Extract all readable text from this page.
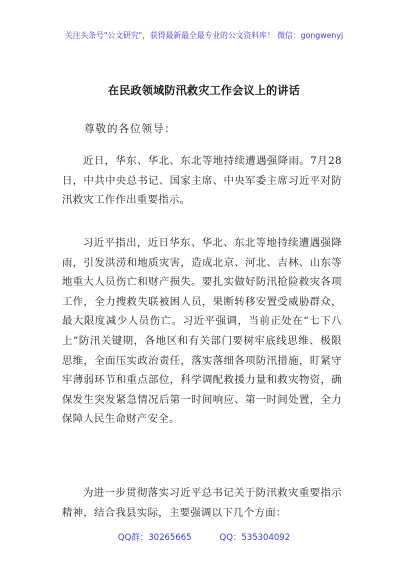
关注头条号"公文研究"，获得最新最全最专业的公文资料库！ 微信：gongwenyj
在民政领域防汛救灾工作会议上的讲话
尊敬的各位领导：

近日，华东、华北、东北等地持续遭遇强降雨。7月28日，中共中央总书记、国家主席、中央军委主席习近平对防汛救灾工作作出重要指示。

习近平指出，近日华东、华北、东北等地持续遭遇强降雨，引发洪涝和地质灾害，造成北京、河北、吉林、山东等地重大人员伤亡和财产损失。要扎实做好防汛抢险救灾各项工作，全力搜救失联被困人员，果断转移安置受威胁群众，最大限度减少人员伤亡。习近平强调，当前正处在“七下八上”防汛关键期，各地区和有关部门要树牢底线思维、极限思维，全面压实政治责任，落实落细各项防汛措施，盯紧守牢薄弱环节和重点部位，科学调配救援力量和救灾物资，确保发生突发紧急情况后第一时间响应、第一时间处置，全力保障人民生命财产安全。

为进一步贯彻落实习近平总书记关于防汛救灾重要指示精神，结合我县实际，主要强调以下几个方面：

QQ群：30265665	QQ：535304092
